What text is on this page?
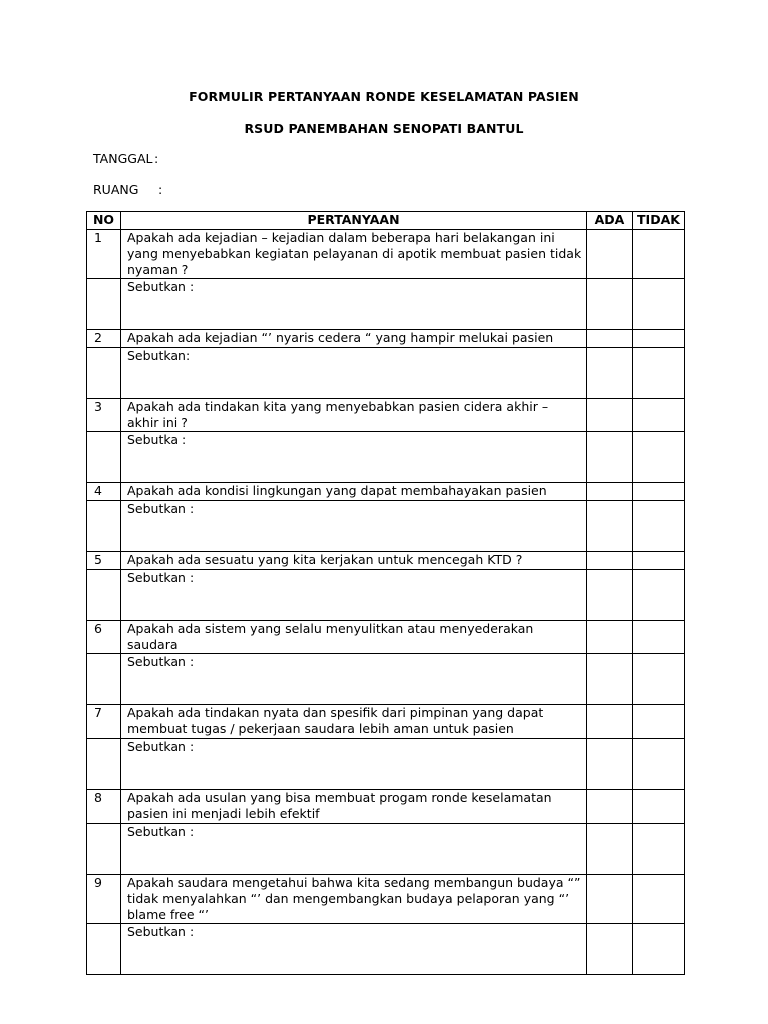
FORMULIR PERTANYAAN RONDE KESELAMATAN PASIEN
RSUD PANEMBAHAN SENOPATI BANTUL
TANGGAL :
RUANG :
NO	PERTANYAAN	ADA	TIDAK
1	Apakah ada kejadian – kejadian dalam beberapa hari belakangan ini yang menyebabkan kegiatan pelayanan di apotik membuat pasien tidak nyaman ?		
	Sebutkan :		
2	Apakah ada kejadian “’ nyaris cedera “ yang hampir melukai pasien		
	Sebutkan:		
3	Apakah ada tindakan kita yang menyebabkan pasien cidera akhir – akhir ini ?		
	Sebutka :		
4	Apakah ada kondisi lingkungan yang dapat membahayakan pasien		
	Sebutkan :		
5	Apakah ada sesuatu yang kita kerjakan untuk mencegah KTD ?		
	Sebutkan :		
6	Apakah ada sistem yang selalu menyulitkan atau menyederakan saudara		
	Sebutkan :		
7	Apakah ada tindakan nyata dan spesifik dari pimpinan yang dapat membuat tugas / pekerjaan saudara lebih aman untuk pasien		
	Sebutkan :		
8	Apakah ada usulan yang bisa membuat progam ronde keselamatan pasien ini menjadi lebih efektif		
	Sebutkan :		
9	Apakah saudara mengetahui bahwa kita sedang membangun budaya “” tidak menyalahkan “’ dan mengembangkan budaya pelaporan yang “’ blame free “’		
	Sebutkan :		
